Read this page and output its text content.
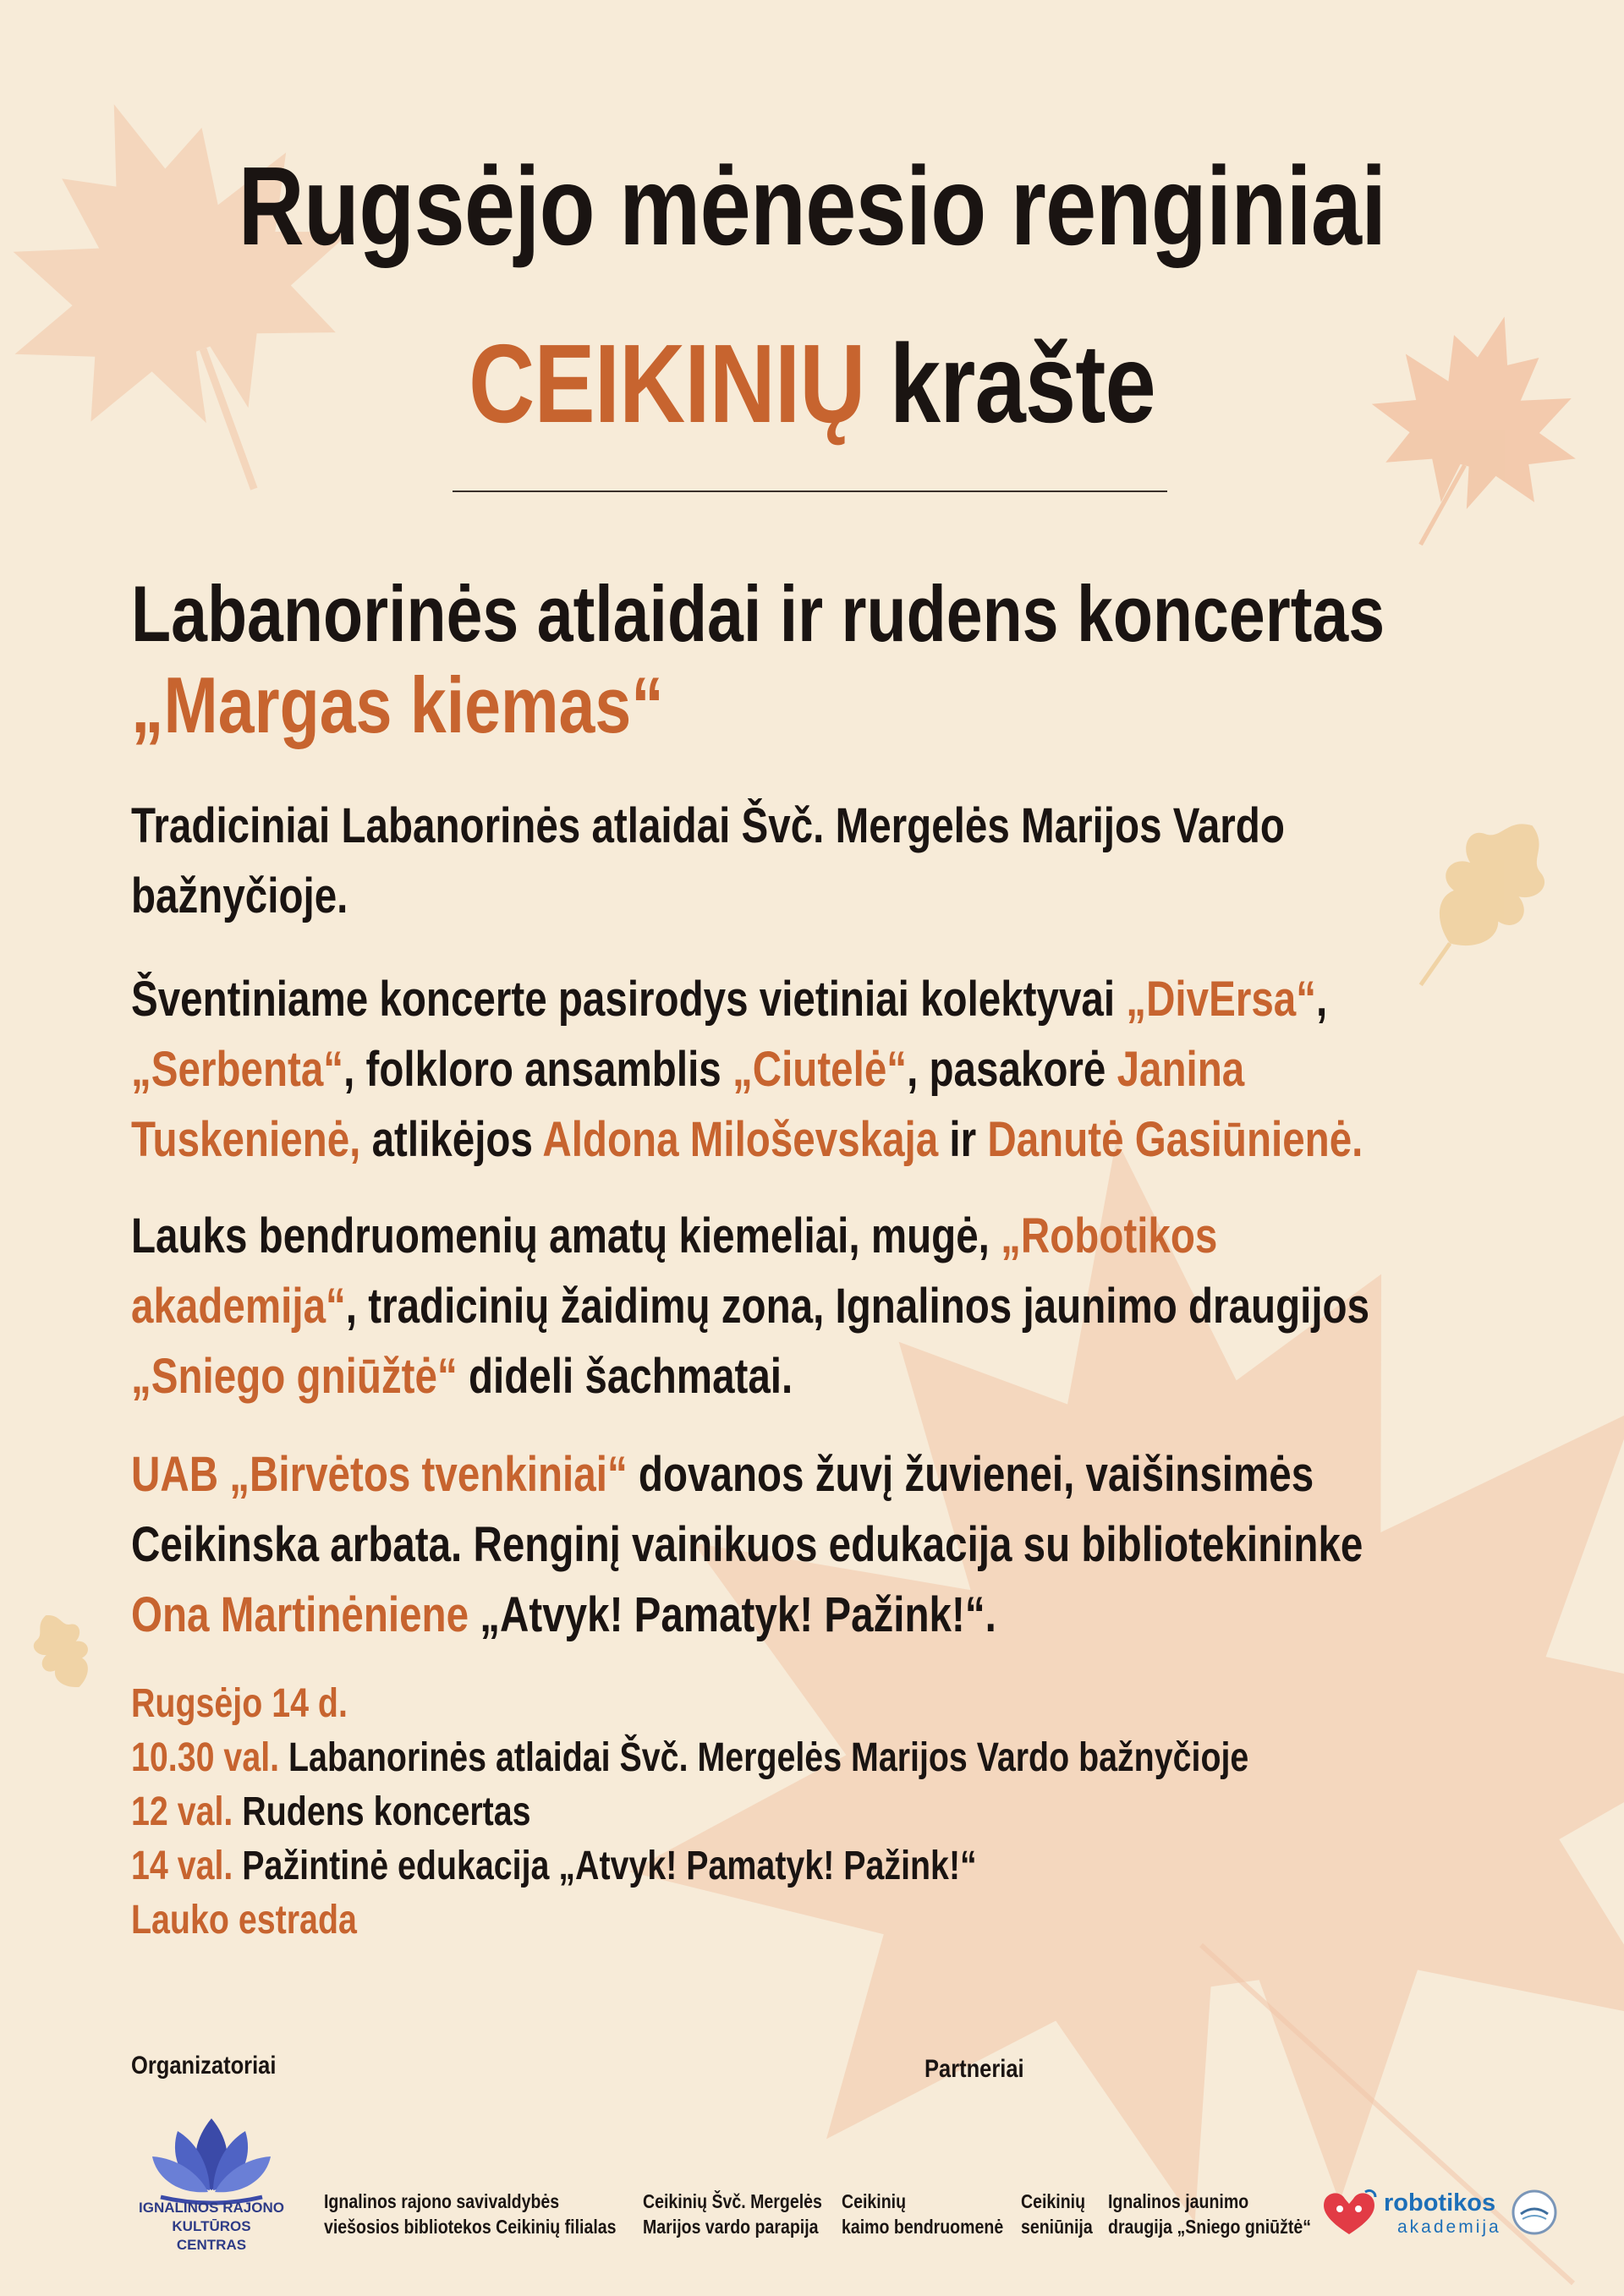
Rugsėjo mėnesio renginiai
CEIKINIŲ krašte
Labanorinės atlaidai ir rudens koncertas
„Margas kiemas“
Tradiciniai Labanorinės atlaidai Švč. Mergelės Marijos Vardo bažnyčioje.
Šventiniame koncerte pasirodys vietiniai kolektyvai „DivErsa“,
„Serbenta“, folkloro ansamblis „Ciutelė“, pasakorė Janina
Tuskenienė, atlikėjos Aldona Miloševskaja ir Danutė Gasiūnienė.
Lauks bendruomenių amatų kiemeliai, mugė, „Robotikos
akademija“, tradicinių žaidimų zona, Ignalinos jaunimo draugijos
„Sniego gniūžtė“ dideli šachmatai.
UAB „Birvėtos tvenkiniai“ dovanos žuvį žuvienei, vaišinsimės
Ceikinska arbata. Renginį vainikuos edukacija su bibliotekininke
Ona Martinėniene „Atvyk! Pamatyk! Pažink!“.
Rugsėjo 14 d.
10.30 val. Labanorinės atlaidai Švč. Mergelės Marijos Vardo bažnyčioje
12 val. Rudens koncertas
14 val. Pažintinė edukacija „Atvyk! Pamatyk! Pažink!“
Lauko estrada
Organizatoriai	Partneriai
IGNALINOS RAJONO
KULTŪROS CENTRAS
Ignalinos rajono savivaldybės
viešosios bibliotekos Ceikinių filialas
Ceikinių Švč. Mergelės
Marijos vardo parapija
Ceikinių
kaimo bendruomenė
Ceikinių
seniūnija
Ignalinos jaunimo
draugija „Sniego gniūžtė“
robotikos
akademija
